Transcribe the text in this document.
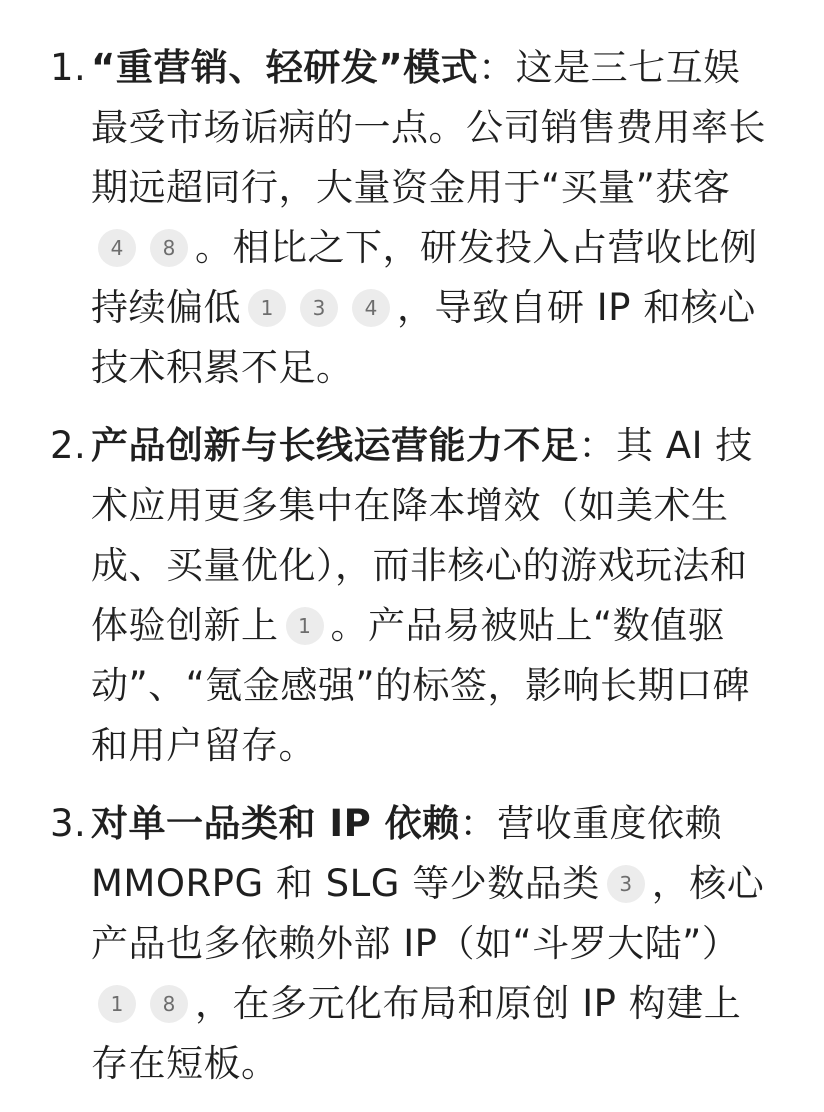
1. “重营销、轻研发”模式：这是三七互娱最受市场诟病的一点。公司销售费用率长期远超同行，大量资金用于“买量”获客4 8 。相比之下，研发投入占营收比例持续偏低 1 3 4 ，导致自研 IP 和核心技术积累不足。
2. 产品创新与长线运营能力不足：其 AI 技术应用更多集中在降本增效（如美术生成、买量优化），而非核心的游戏玩法和体验创新上 1 。产品易被贴上“数值驱动”、“氪金感强”的标签，影响长期口碑和用户留存。
3. 对单一品类和 IP 依赖：营收重度依赖 MMORPG 和 SLG 等少数品类 3 ，核心产品也多依赖外部 IP（如“斗罗大陆”）1 8 ，在多元化布局和原创 IP 构建上存在短板。
